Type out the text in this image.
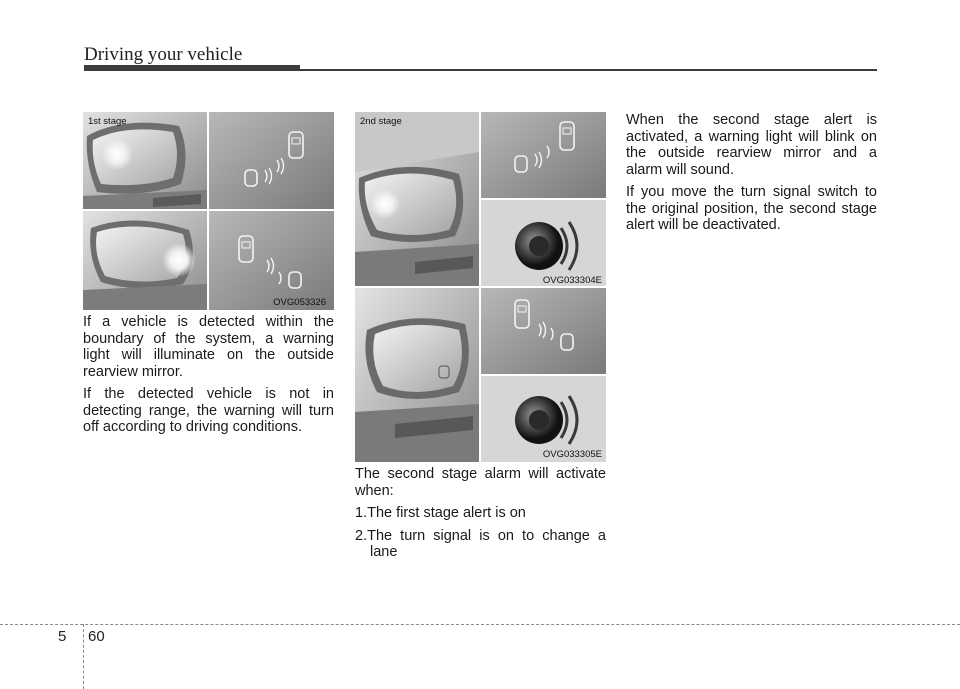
Driving your vehicle
1st stage
OVG053326
2nd stage
OVG033304E
OVG033305E

If a vehicle is detected within the boundary of the system, a warning light will illuminate on the outside rearview mirror.

If the detected vehicle is not in detecting range, the warning will turn off according to driving conditions.

The second stage alarm will activate when:

1.The first stage alert is on
2.The turn signal is on to change a lane

When the second stage alert is activated, a warning light will blink on the outside rearview mirror and a alarm will sound.

If you move the turn signal switch to the original position, the second stage alert will be deactivated.

5 60
